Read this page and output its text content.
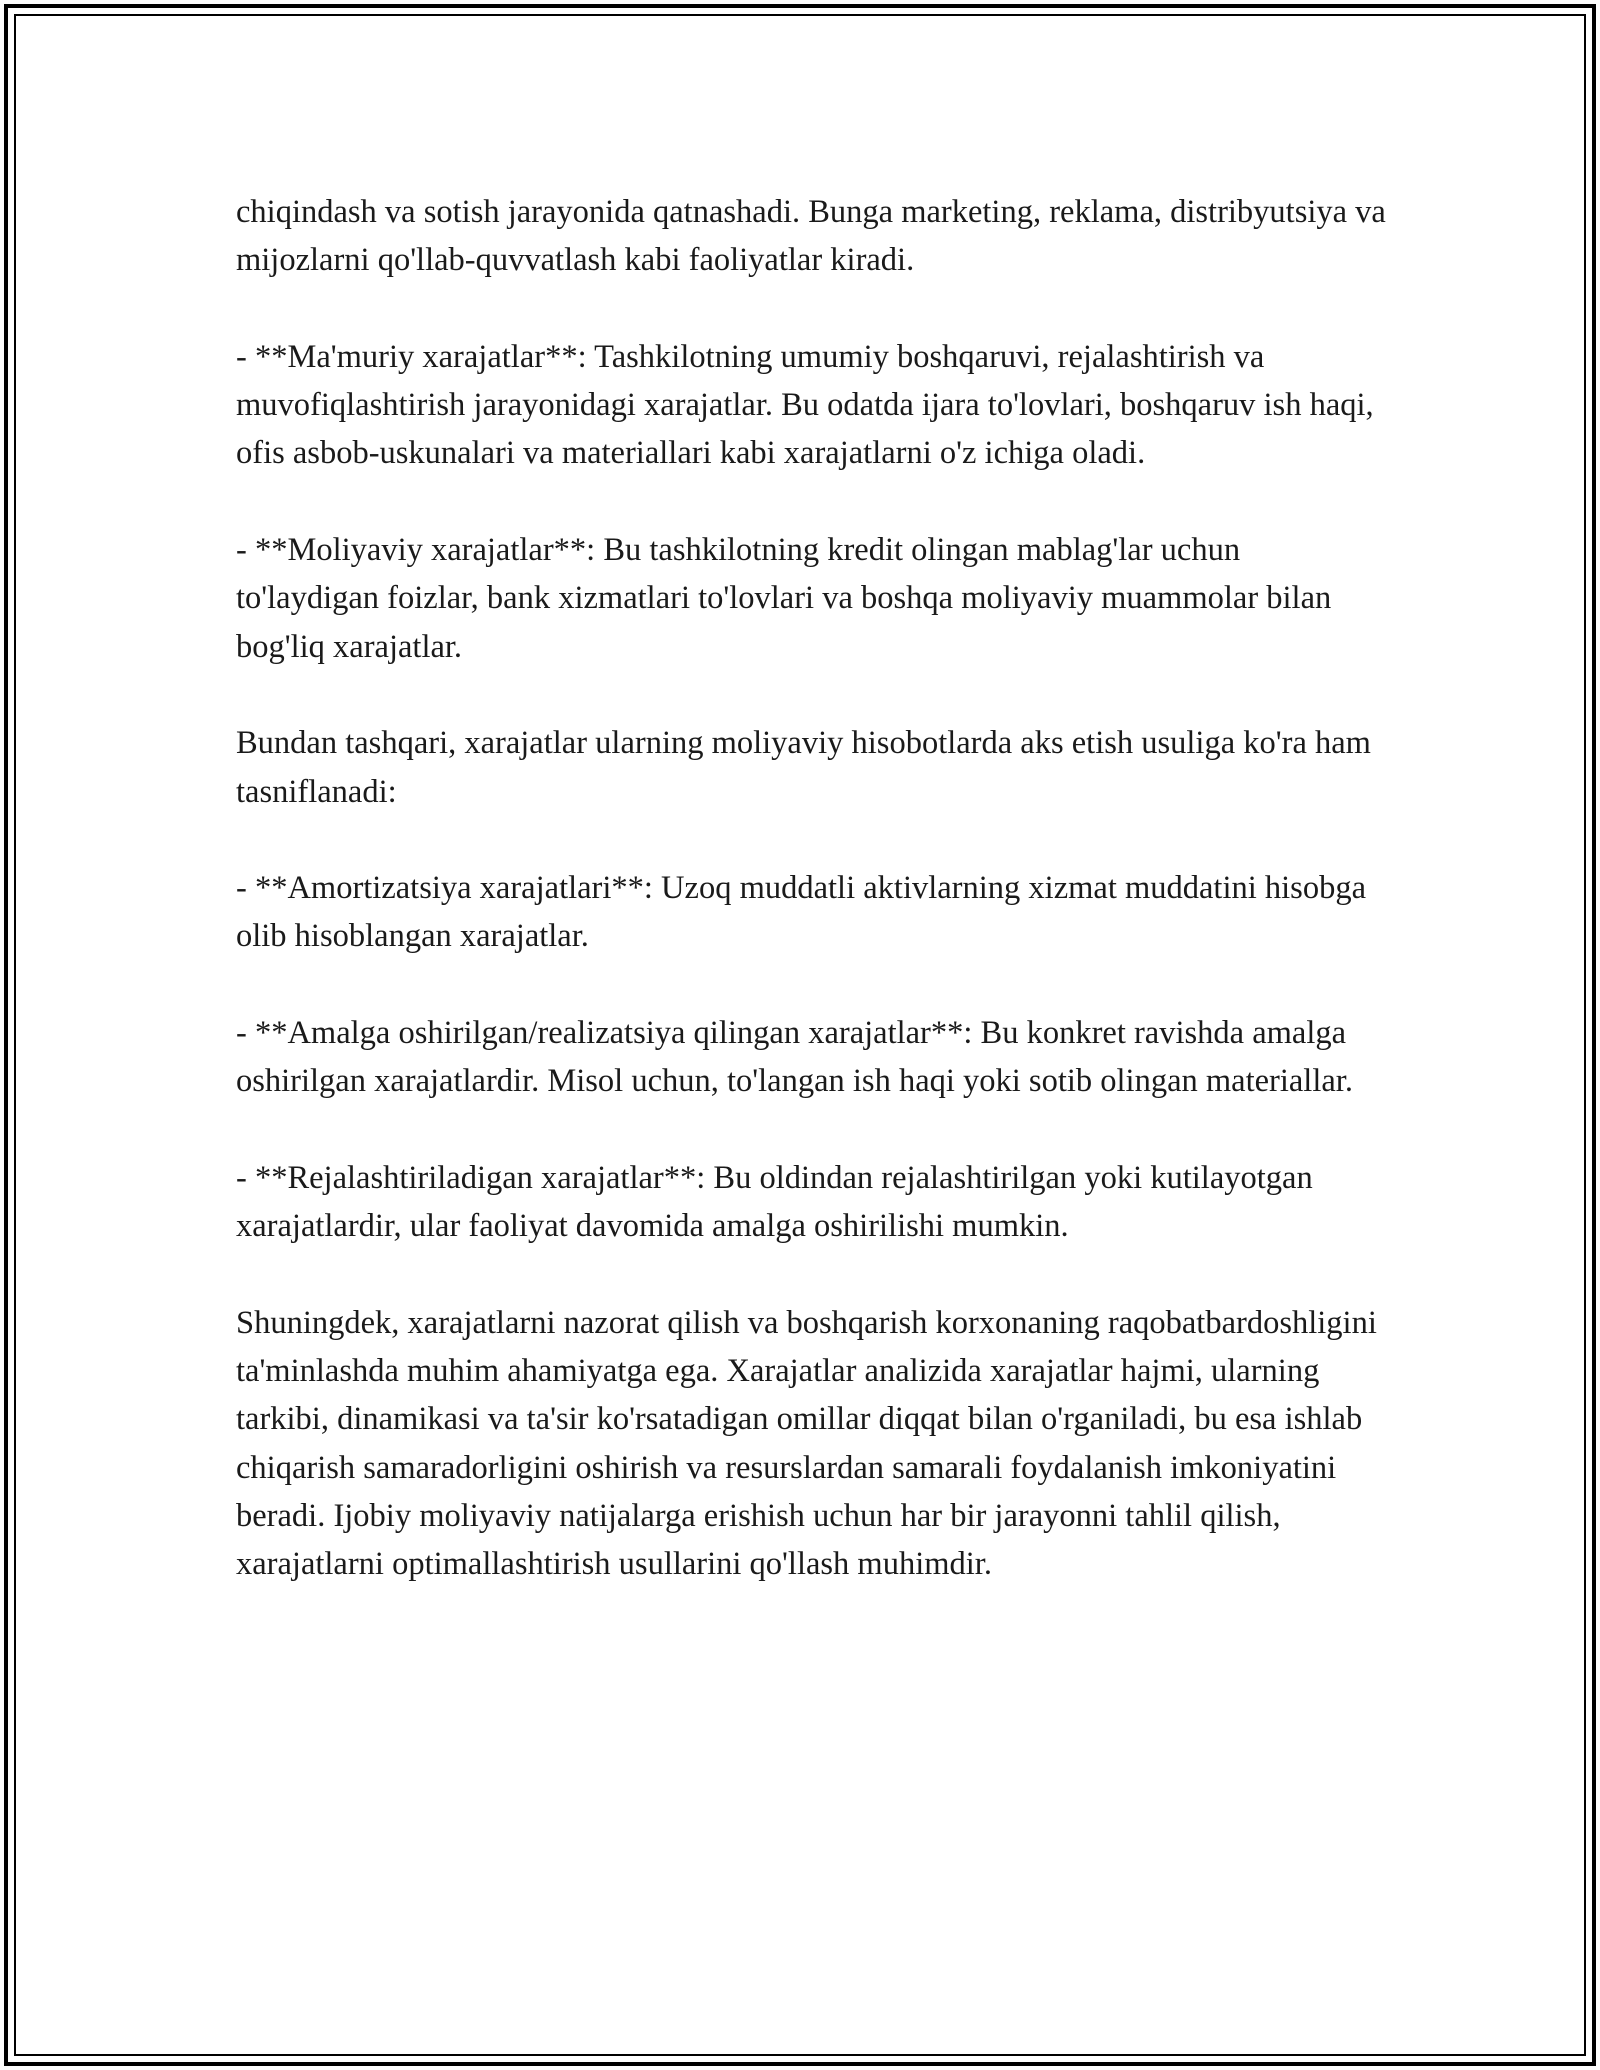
chiqindash va sotish jarayonida qatnashadi. Bunga marketing, reklama, distribyutsiya va mijozlarni qo'llab-quvvatlash kabi faoliyatlar kiradi.

- **Ma'muriy xarajatlar**: Tashkilotning umumiy boshqaruvi, rejalashtirish va muvofiqlashtirish jarayonidagi xarajatlar. Bu odatda ijara to'lovlari, boshqaruv ish haqi, ofis asbob-uskunalari va materiallari kabi xarajatlarni o'z ichiga oladi.

- **Moliyaviy xarajatlar**: Bu tashkilotning kredit olingan mablag'lar uchun to'laydigan foizlar, bank xizmatlari to'lovlari va boshqa moliyaviy muammolar bilan bog'liq xarajatlar.

Bundan tashqari, xarajatlar ularning moliyaviy hisobotlarda aks etish usuliga ko'ra ham tasniflanadi:

- **Amortizatsiya xarajatlari**: Uzoq muddatli aktivlarning xizmat muddatini hisobga olib hisoblangan xarajatlar.

- **Amalga oshirilgan/realizatsiya qilingan xarajatlar**: Bu konkret ravishda amalga oshirilgan xarajatlardir. Misol uchun, to'langan ish haqi yoki sotib olingan materiallar.

- **Rejalashtiriladigan xarajatlar**: Bu oldindan rejalashtirilgan yoki kutilayotgan xarajatlardir, ular faoliyat davomida amalga oshirilishi mumkin.

Shuningdek, xarajatlarni nazorat qilish va boshqarish korxonaning raqobatbardoshligini ta'minlashda muhim ahamiyatga ega. Xarajatlar analizida xarajatlar hajmi, ularning tarkibi, dinamikasi va ta'sir ko'rsatadigan omillar diqqat bilan o'rganiladi, bu esa ishlab chiqarish samaradorligini oshirish va resurslardan samarali foydalanish imkoniyatini beradi. Ijobiy moliyaviy natijalarga erishish uchun har bir jarayonni tahlil qilish, xarajatlarni optimallashtirish usullarini qo'llash muhimdir.
